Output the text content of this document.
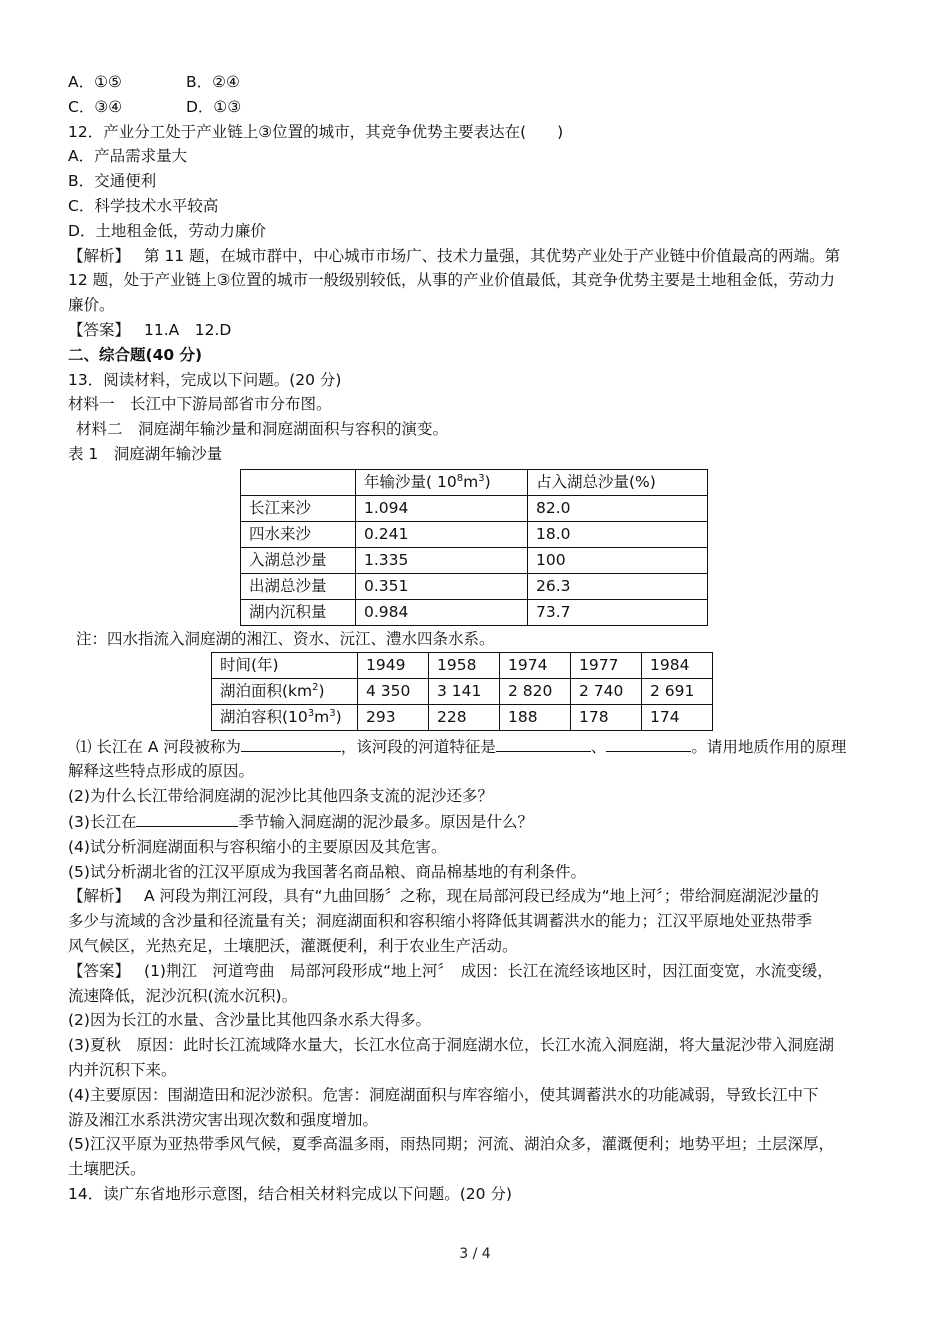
A．①⑤	B．②④
C．③④	D．①③
12．产业分工处于产业链上③位置的城市，其竞争优势主要表达在(　　)
A．产品需求量大
B．交通便利
C．科学技术水平较高
D．土地租金低，劳动力廉价
【解析】 第 11 题，在城市群中，中心城市市场广、技术力量强，其优势产业处于产业链中价值最高的两端。第
12 题，处于产业链上③位置的城市一般级别较低，从事的产业价值最低，其竞争优势主要是土地租金低，劳动力
廉价。
【答案】 11.A　12.D
二、综合题(40 分)
13．阅读材料，完成以下问题。(20 分)
材料一　长江中下游局部省市分布图。
材料二　洞庭湖年输沙量和洞庭湖面积与容积的演变。
表 1　洞庭湖年输沙量
	年输沙量( $10^8m^3$)	占入湖总沙量(%)
长江来沙	1.094	82.0
四水来沙	0.241	18.0
入湖总沙量	1.335	100
出湖总沙量	0.351	26.3
湖内沉积量	0.984	73.7
注：四水指流入洞庭湖的湘江、资水、沅江、澧水四条水系。
时间(年)	1949	1958	1974	1977	1984
湖泊面积$(km^2)$	4 350	3 141	2 820	2 740	2 691
湖泊容积$(10^3m^3)$	293	228	188	178	174
⑴ 长江在 A 河段被称为	，该河段的河道特征是	、	。请用地质作用的原理
解释这些特点形成的原因。
(2)为什么长江带给洞庭湖的泥沙比其他四条支流的泥沙还多？
(3)长江在	季节输入洞庭湖的泥沙最多。原因是什么？
(4)试分析洞庭湖面积与容积缩小的主要原因及其危害。
(5)试分析湖北省的江汉平原成为我国著名商品粮、商品棉基地的有利条件。
【解析】 A 河段为荆江河段，具有“九曲回肠〞之称，现在局部河段已经成为“地上河〞；带给洞庭湖泥沙量的
多少与流域的含沙量和径流量有关；洞庭湖面积和容积缩小将降低其调蓄洪水的能力；江汉平原地处亚热带季
风气候区，光热充足，土壤肥沃，灌溉便利，利于农业生产活动。
【答案】 (1)荆江　河道弯曲　局部河段形成“地上河〞　成因：长江在流经该地区时，因江面变宽，水流变缓，
流速降低，泥沙沉积(流水沉积)。
(2)因为长江的水量、含沙量比其他四条水系大得多。
(3)夏秋　原因：此时长江流域降水量大，长江水位高于洞庭湖水位，长江水流入洞庭湖，将大量泥沙带入洞庭湖
内并沉积下来。
(4)主要原因：围湖造田和泥沙淤积。危害：洞庭湖面积与库容缩小，使其调蓄洪水的功能减弱，导致长江中下
游及湘江水系洪涝灾害出现次数和强度增加。
(5)江汉平原为亚热带季风气候，夏季高温多雨，雨热同期；河流、湖泊众多，灌溉便利；地势平坦；土层深厚，
土壤肥沃。
14．读广东省地形示意图，结合相关材料完成以下问题。(20 分)
3 / 4
